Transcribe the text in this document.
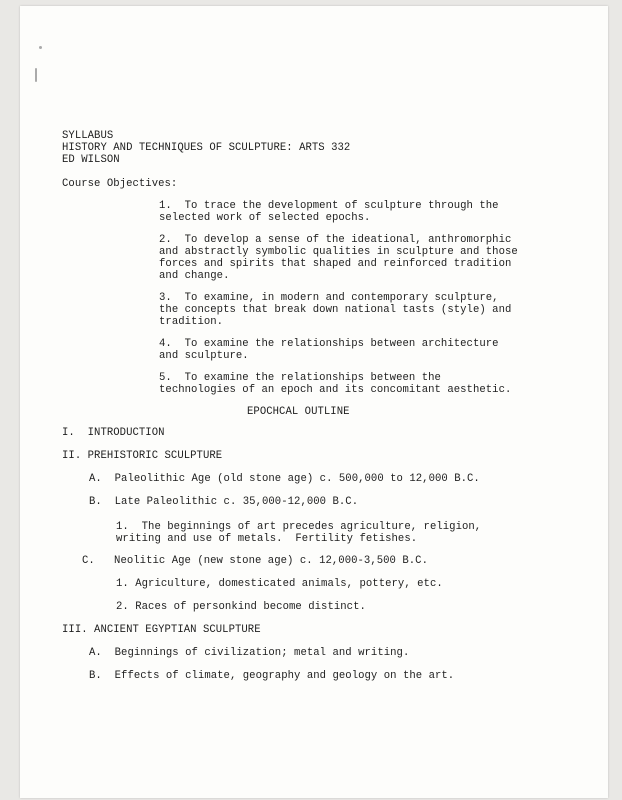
SYLLABUS
HISTORY AND TECHNIQUES OF SCULPTURE: ARTS 332
ED WILSON
Course Objectives:
1.  To trace the development of sculpture through the
selected work of selected epochs.
2.  To develop a sense of the ideational, anthromorphic
and abstractly symbolic qualities in sculpture and those
forces and spirits that shaped and reinforced tradition
and change.
3.  To examine, in modern and contemporary sculpture,
the concepts that break down national tasts (style) and
tradition.
4.  To examine the relationships between architecture
and sculpture.
5.  To examine the relationships between the
technologies of an epoch and its concomitant aesthetic.
EPOCHCAL OUTLINE
I.  INTRODUCTION
II. PREHISTORIC SCULPTURE
A.  Paleolithic Age (old stone age) c. 500,000 to 12,000 B.C.
B.  Late Paleolithic c. 35,000-12,000 B.C.
1.  The beginnings of art precedes agriculture, religion,
writing and use of metals.  Fertility fetishes.
C.   Neolitic Age (new stone age) c. 12,000-3,500 B.C.
1. Agriculture, domesticated animals, pottery, etc.
2. Races of personkind become distinct.
III. ANCIENT EGYPTIAN SCULPTURE
A.  Beginnings of civilization; metal and writing.
B.  Effects of climate, geography and geology on the art.
